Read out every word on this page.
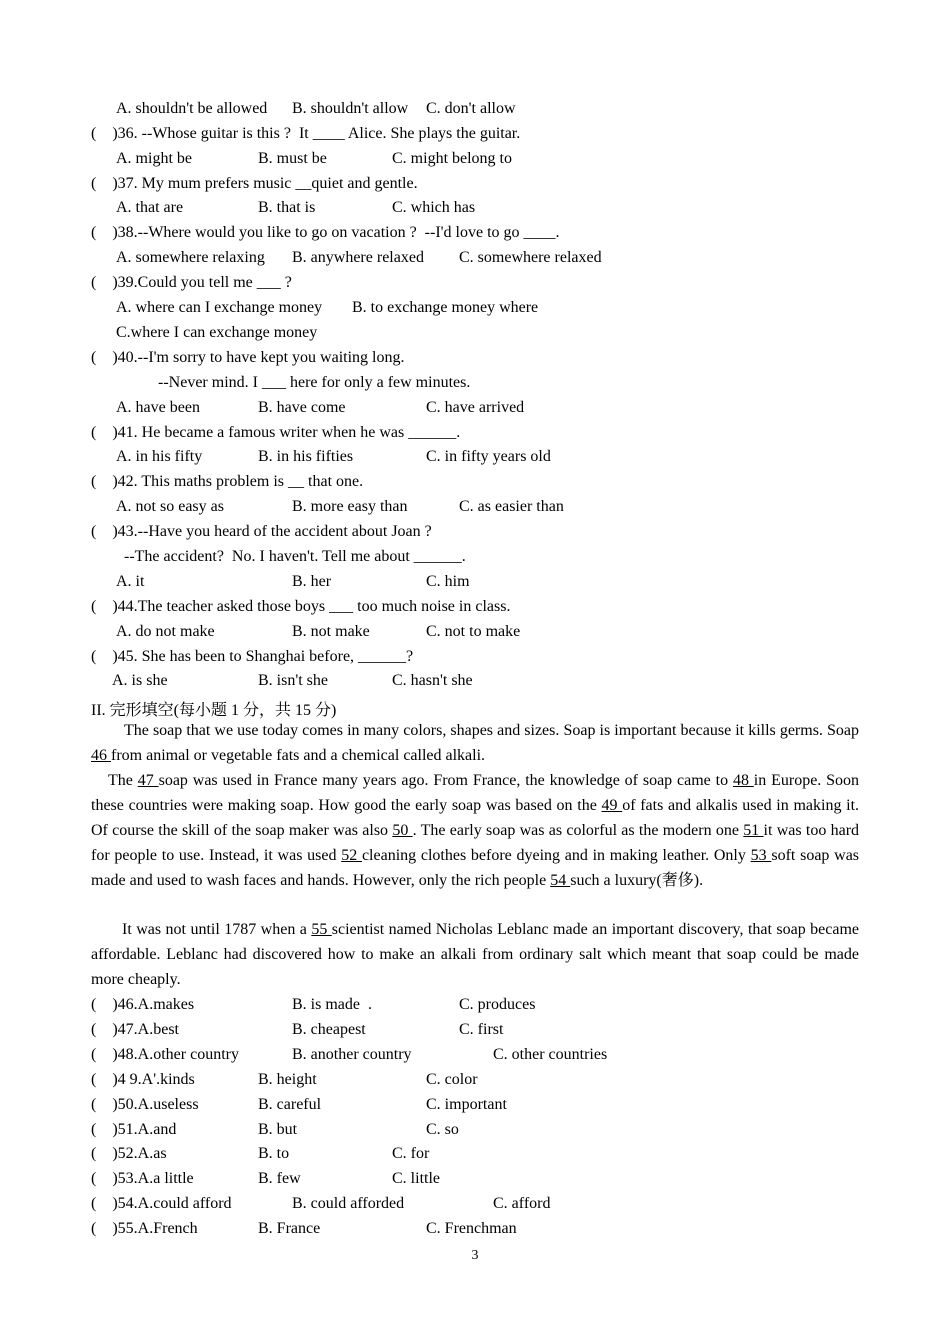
A. shouldn't be allowed B. shouldn't allow C. don't allow
(    )36. --Whose guitar is this ?  It ____ Alice. She plays the guitar.
A. might be	B. must be	C. might belong to
(    )37. My mum prefers music __quiet and gentle.
A. that are	B. that is	C. which has
(    )38.--Where would you like to go on vacation ?  --I'd love to go ____.
A. somewhere relaxing B. anywhere relaxed C. somewhere relaxed
(    )39.Could you tell me ___ ?
A. where can I exchange money B. to exchange money where
C.where I can exchange money
(    )40.--I'm sorry to have kept you waiting long.
--Never mind. I ___ here for only a few minutes.
A. have been	B. have come	C. have arrived
(    )41. He became a famous writer when he was ______.
A. in his fifty	B. in his fifties	C. in fifty years old
(    )42. This maths problem is __ that one.
A. not so easy as	B. more easy than	C. as easier than
(    )43.--Have you heard of the accident about Joan ?
--The accident?  No. I haven't. Tell me about ______.
A. it	B. her	C. him
(    )44.The teacher asked those boys ___ too much noise in class.
A. do not make	B. not make	C. not to make
(    )45. She has been to Shanghai before, ______?
A. is she	B. isn't she	C. hasn't she
II. 完形填空(每小题 1 分，共 15 分)
The soap that we use today comes in many colors, shapes and sizes. Soap is important because it kills germs. Soap 46 from animal or vegetable fats and a chemical called alkali.
The 47 soap was used in France many years ago. From France, the knowledge of soap came to 48 in Europe. Soon these countries were making soap. How good the early soap was based on the 49 of fats and alkalis used in making it. Of course the skill of the soap maker was also 50 . The early soap was as colorful as the modern one 51 it was too hard for people to use. Instead, it was used 52 cleaning clothes before dyeing and in making leather. Only 53 soft soap was made and used to wash faces and hands. However, only the rich people 54 such a luxury(奢侈).
It was not until 1787 when a 55 scientist named Nicholas Leblanc made an important discovery, that soap became affordable. Leblanc had discovered how to make an alkali from ordinary salt which meant that soap could be made more cheaply.
(    )46.A.makes	B. is made  .	C. produces
(    )47.A.best	B. cheapest	C. first
(    )48.A.other country	B. another country	C. other countries
(    )4 9.A'.kinds	B. height	C. color
(    )50.A.useless	B. careful	C. important
(    )51.A.and	B. but	C. so
(    )52.A.as	B. to	C. for
(    )53.A.a little	B. few	C. little
(    )54.A.could afford	B. could afforded	C. afford
(    )55.A.French	B. France	C. Frenchman
3
